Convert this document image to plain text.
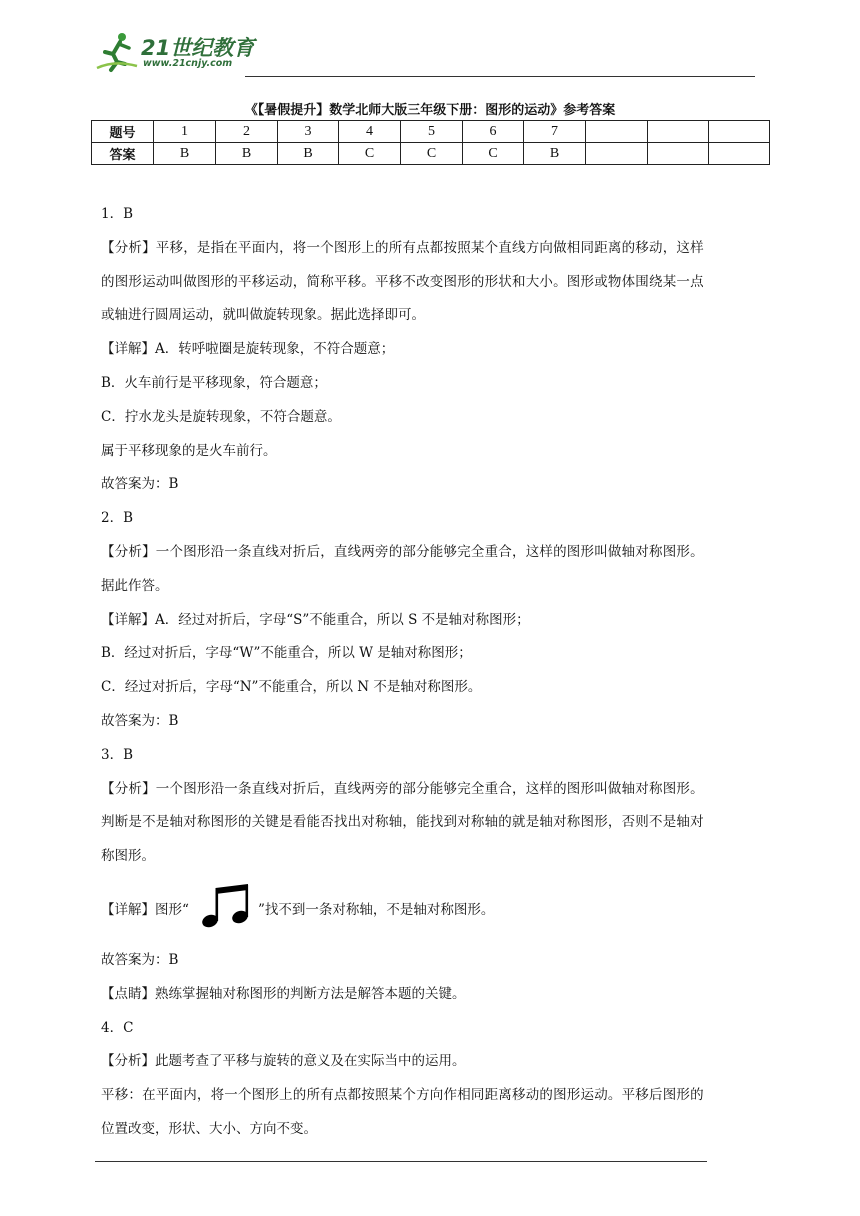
21世纪教育
www.21cnjy.com
《【暑假提升】数学北师大版三年级下册：图形的运动》参考答案
题号	1	2	3	4	5	6	7			
答案	B	B	B	C	C	C	B			
1．B
【分析】平移，是指在平面内，将一个图形上的所有点都按照某个直线方向做相同距离的移动，这样
的图形运动叫做图形的平移运动，简称平移。平移不改变图形的形状和大小。图形或物体围绕某一点
或轴进行圆周运动，就叫做旋转现象。据此选择即可。
【详解】A．转呼啦圈是旋转现象，不符合题意；
B．火车前行是平移现象，符合题意；
C．拧水龙头是旋转现象，不符合题意。
属于平移现象的是火车前行。
故答案为：B
2．B
【分析】一个图形沿一条直线对折后，直线两旁的部分能够完全重合，这样的图形叫做轴对称图形。
据此作答。
【详解】A．经过对折后，字母“S”不能重合，所以 S 不是轴对称图形；
B．经过对折后，字母“W”不能重合，所以 W 是轴对称图形；
C．经过对折后，字母“N”不能重合，所以 N 不是轴对称图形。
故答案为：B
3．B
【分析】一个图形沿一条直线对折后，直线两旁的部分能够完全重合，这样的图形叫做轴对称图形。
判断是不是轴对称图形的关键是看能否找出对称轴，能找到对称轴的就是轴对称图形，否则不是轴对
称图形。
【详解】图形“	”找不到一条对称轴，不是轴对称图形。
故答案为：B
【点睛】熟练掌握轴对称图形的判断方法是解答本题的关键。
4．C
【分析】此题考查了平移与旋转的意义及在实际当中的运用。
平移：在平面内，将一个图形上的所有点都按照某个方向作相同距离移动的图形运动。平移后图形的
位置改变，形状、大小、方向不变。
